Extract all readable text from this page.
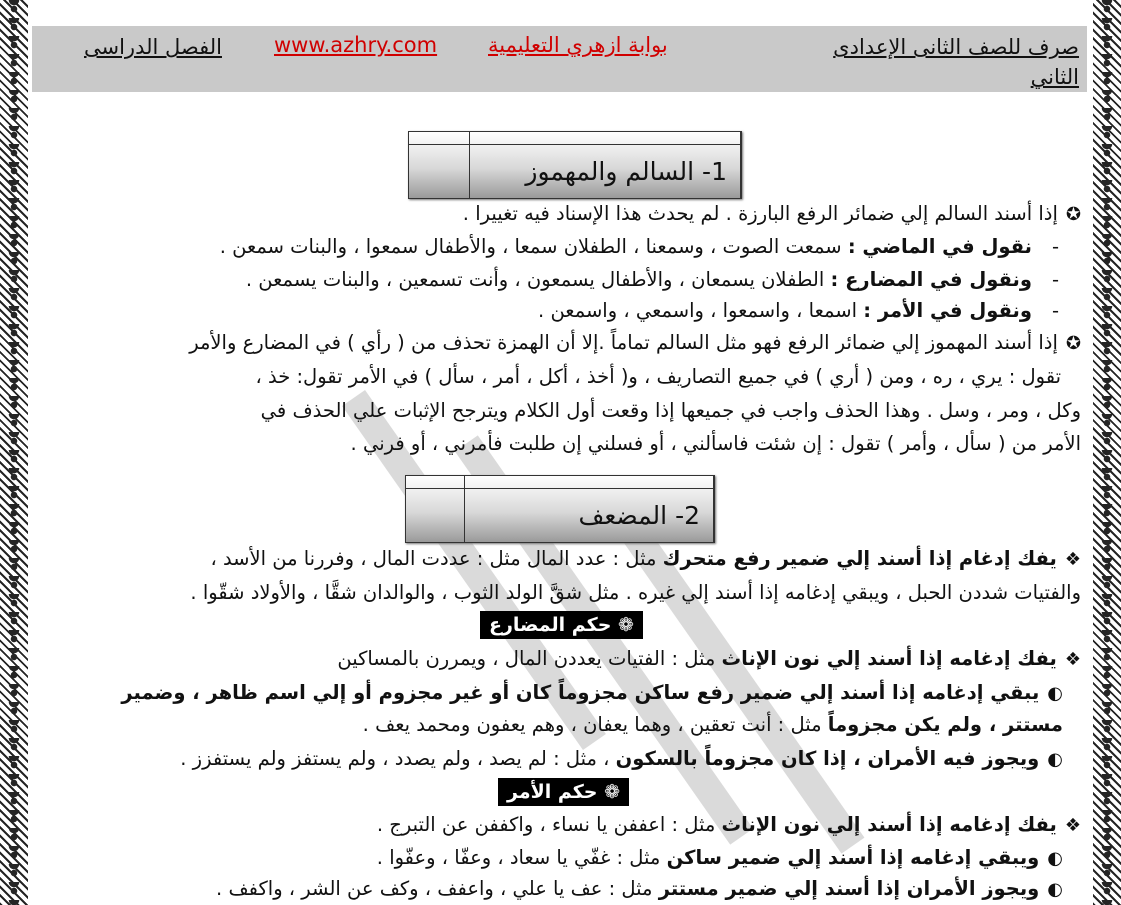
صرف للصف الثانى الإعدادى
بوابة ازهري التعليمية
www.azhry.com
الفصل الدراسى
الثاني
1- السالم والمهموز
✪إذا أسند السالم إلي ضمائر الرفع البارزة . لم يحدث هذا الإسناد فيه تغييرا .
-نقول في الماضي : سمعت الصوت ، وسمعنا ، الطفلان سمعا ، والأطفال سمعوا ، والبنات سمعن .
-ونقول في المضارع : الطفلان يسمعان ، والأطفال يسمعون ، وأنت تسمعين ، والبنات يسمعن .
-ونقول في الأمر : اسمعا ، واسمعوا ، واسمعي ، واسمعن .
✪إذا أسند المهموز إلي ضمائر الرفع فهو مثل السالم تماماً .إلا أن الهمزة تحذف من ( رأي ) في المضارع والأمر
تقول : يري ، ره ، ومن ( أري ) في جميع التصاريف ، و( أخذ ، أكل ، أمر ، سأل ) في الأمر تقول: خذ ،
وكل ، ومر ، وسل . وهذا الحذف واجب في جميعها إذا وقعت أول الكلام ويترجح الإثبات علي الحذف في
الأمر من ( سأل ، وأمر ) تقول : إن شئت فاسألني ، أو فسلني إن طلبت فأمرني ، أو فرني .
2- المضعف
❖يفك إدغام إذا أسند إلي ضمير رفع متحرك مثل : عدد المال مثل : عددت المال ، وفررنا من الأسد ،
والفتيات شددن الحبل ، ويبقي إدغامه إذا أسند إلي غيره . مثل شقَّ الولد الثوب ، والوالدان شقَّا ، والأولاد شقّوا .
❁ حكم المضارع
❖يفك إدغامه إذا أسند إلي نون الإناث مثل : الفتيات يعددن المال ، ويمررن بالمساكين
◐يبقي إدغامه إذا أسند إلي ضمير رفع ساكن مجزوماً كان أو غير مجزوم أو إلي اسم ظاهر ، وضمير
مستتر ، ولم يكن مجزوماً مثل : أنت تعقين ، وهما يعفان ، وهم يعفون ومحمد يعف .
◐ويجوز فيه الأمران ، إذا كان مجزوماً بالسكون ، مثل : لم يصد ، ولم يصدد ، ولم يستفز ولم يستفزز .
❁ حكم الأمر
❖يفك إدغامه إذا أسند إلي نون الإناث مثل : اعففن يا نساء ، واكففن عن التبرج .
◐ويبقي إدغامه إذا أسند إلي ضمير ساكن مثل : غفّي يا سعاد ، وعفّا ، وعفّوا .
◐ويجوز الأمران إذا أسند إلي ضمير مستتر مثل : عف يا علي ، واعفف ، وكف عن الشر ، واكفف .
